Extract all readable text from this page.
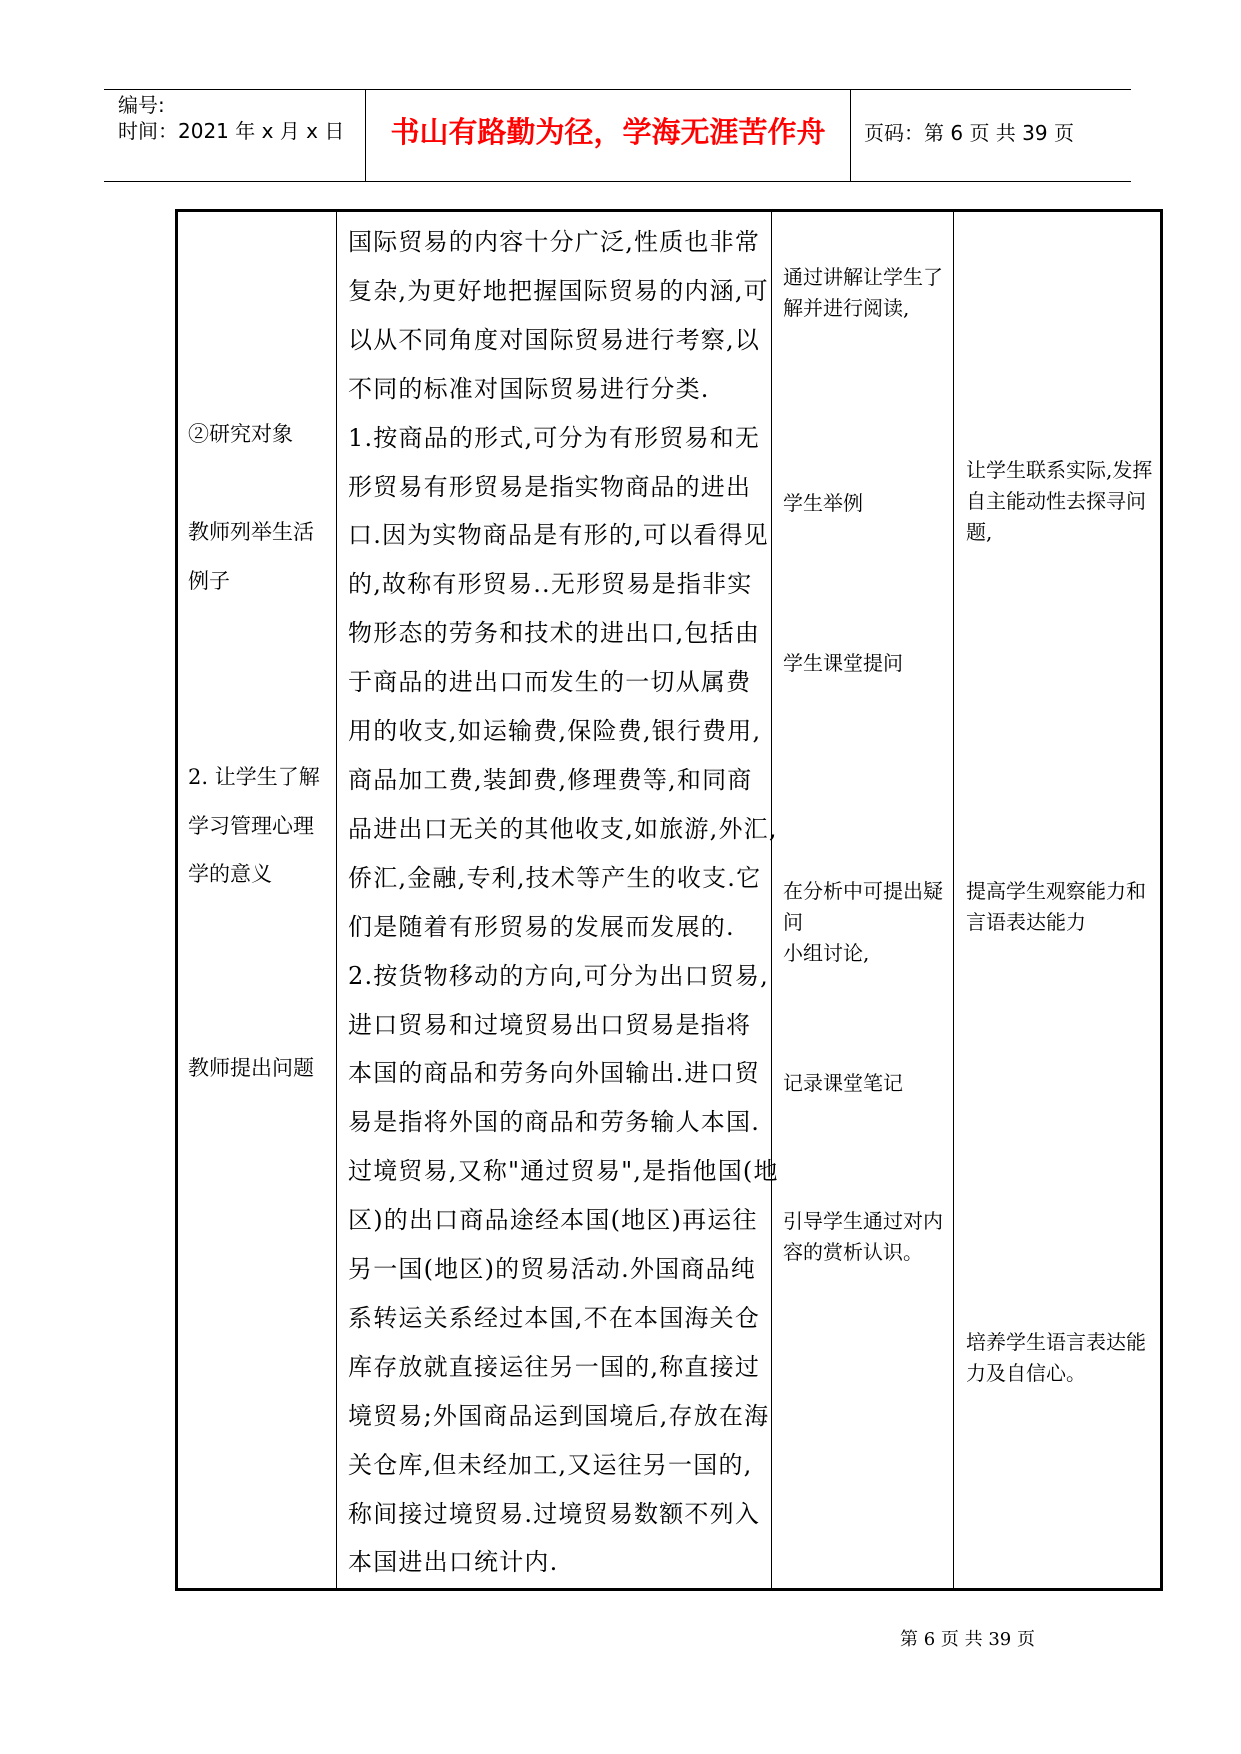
编号:
时间：2021 年 x 月 x 日	书山有路勤为径，学海无涯苦作舟	页码：第 6 页 共 39 页
②研究对象
教师列举生活
例子
2. 让学生了解
学习管理心理
学的意义
教师提出问题
国际贸易的内容十分广泛,性质也非常
复杂,为更好地把握国际贸易的内涵,可
以从不同角度对国际贸易进行考察,以
不同的标准对国际贸易进行分类.
1.按商品的形式,可分为有形贸易和无
形贸易有形贸易是指实物商品的进出
口.因为实物商品是有形的,可以看得见
的,故称有形贸易..无形贸易是指非实
物形态的劳务和技术的进出口,包括由
于商品的进出口而发生的一切从属费
用的收支,如运输费,保险费,银行费用,
商品加工费,装卸费,修理费等,和同商
品进出口无关的其他收支,如旅游,外汇,
侨汇,金融,专利,技术等产生的收支.它
们是随着有形贸易的发展而发展的.
2.按货物移动的方向,可分为出口贸易,
进口贸易和过境贸易出口贸易是指将
本国的商品和劳务向外国输出.进口贸
易是指将外国的商品和劳务输人本国.
过境贸易,又称"通过贸易",是指他国(地
区)的出口商品途经本国(地区)再运往
另一国(地区)的贸易活动.外国商品纯
系转运关系经过本国,不在本国海关仓
库存放就直接运往另一国的,称直接过
境贸易;外国商品运到国境后,存放在海
关仓库,但未经加工,又运往另一国的,
称间接过境贸易.过境贸易数额不列入
本国进出口统计内.
通过讲解让学生了解并进行阅读,
学生举例
学生课堂提问
在分析中可提出疑问
小组讨论,
记录课堂笔记
引导学生通过对内容的赏析认识。
让学生联系实际,发挥自主能动性去探寻问题,
提高学生观察能力和言语表达能力
培养学生语言表达能力及自信心。
第 6 页 共 39 页
